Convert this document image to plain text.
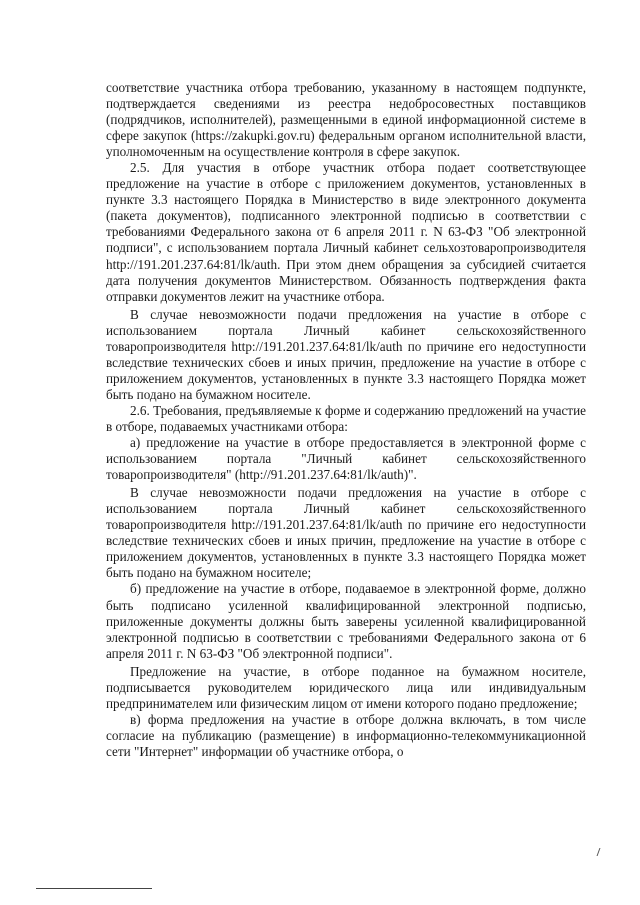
соответствие участника отбора требованию, указанному в настоящем подпункте, подтверждается сведениями из реестра недобросовестных поставщиков (подрядчиков, исполнителей), размещенными в единой информационной системе в сфере закупок (https://zakupki.gov.ru) федеральным органом исполнительной власти, уполномоченным на осуществление контроля в сфере закупок.

2.5. Для участия в отборе участник отбора подает соответствующее предложение на участие в отборе с приложением документов, установленных в пункте 3.3 настоящего Порядка в Министерство в виде электронного документа (пакета документов), подписанного электронной подписью в соответствии с требованиями Федерального закона от 6 апреля 2011 г. N 63-ФЗ "Об электронной подписи", с использованием портала Личный кабинет сельхозтоваропроизводителя http://191.201.237.64:81/lk/auth. При этом днем обращения за субсидией считается дата получения документов Министерством. Обязанность подтверждения факта отправки документов лежит на участнике отбора.

В случае невозможности подачи предложения на участие в отборе с использованием портала Личный кабинет сельскохозяйственного товаропроизводителя http://191.201.237.64:81/lk/auth по причине его недоступности вследствие технических сбоев и иных причин, предложение на участие в отборе с приложением документов, установленных в пункте 3.3 настоящего Порядка может быть подано на бумажном носителе.

2.6. Требования, предъявляемые к форме и содержанию предложений на участие в отборе, подаваемых участниками отбора:

а) предложение на участие в отборе предоставляется в электронной форме с использованием портала "Личный кабинет сельскохозяйственного товаропроизводителя" (http://91.201.237.64:81/lk/auth)".

В случае невозможности подачи предложения на участие в отборе с использованием портала Личный кабинет сельскохозяйственного товаропроизводителя http://191.201.237.64:81/lk/auth по причине его недоступности вследствие технических сбоев и иных причин, предложение на участие в отборе с приложением документов, установленных в пункте 3.3 настоящего Порядка может быть подано на бумажном носителе;

б) предложение на участие в отборе, подаваемое в электронной форме, должно быть подписано усиленной квалифицированной электронной подписью, приложенные документы должны быть заверены усиленной квалифицированной электронной подписью в соответствии с требованиями Федерального закона от 6 апреля 2011 г. N 63-ФЗ "Об электронной подписи".

Предложение на участие, в отборе поданное на бумажном носителе, подписывается руководителем юридического лица или индивидуальным предпринимателем или физическим лицом от имени которого подано предложение;

в) форма предложения на участие в отборе должна включать, в том числе согласие на публикацию (размещение) в информационно-телекоммуникационной сети "Интернет" информации об участнике отбора, о
